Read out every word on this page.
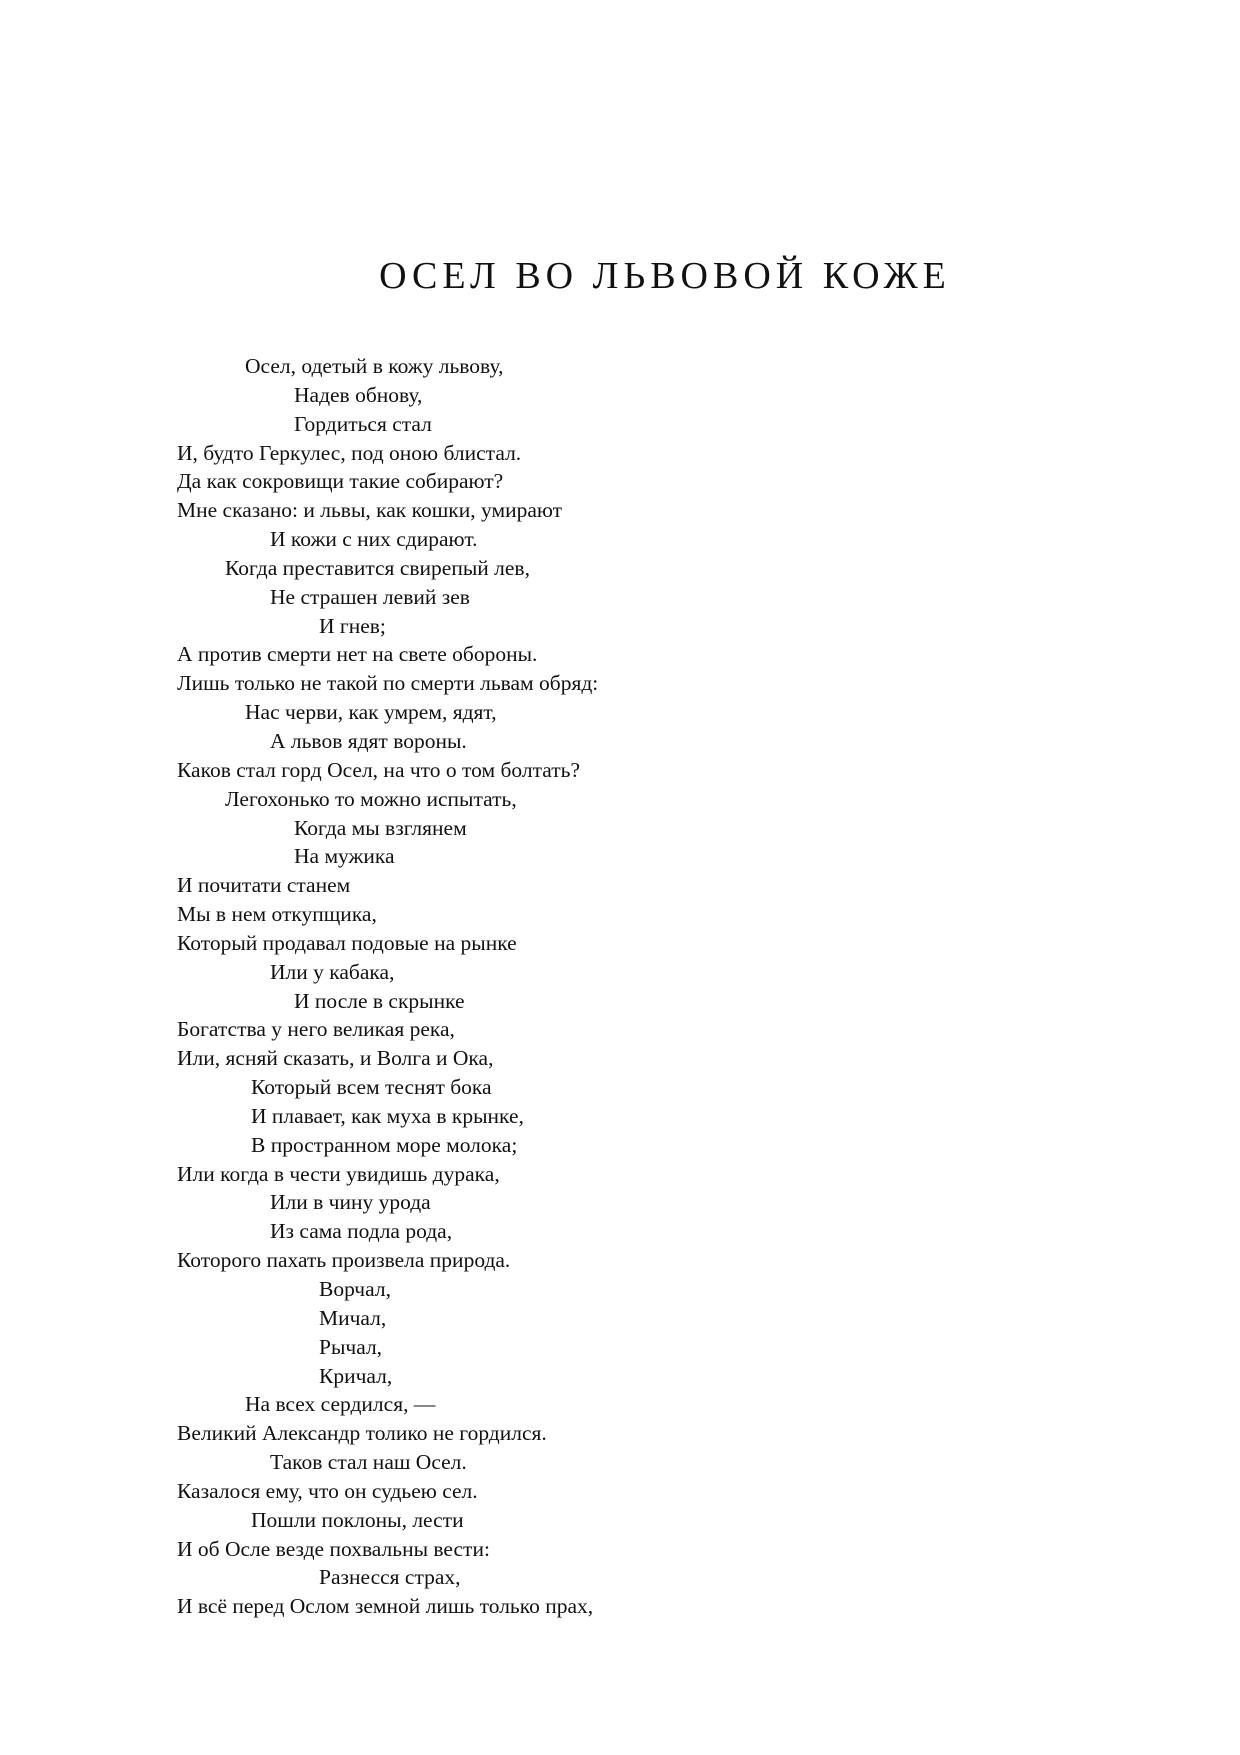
ОСЕЛ ВО ЛЬВОВОЙ КОЖЕ
Осел, одетый в кожу львову,
Надев обнову,
Гордиться стал
И, будто Геркулес, под оною блистал.
Да как сокровищи такие собирают?
Мне сказано: и львы, как кошки, умирают
И кожи с них сдирают.
Когда преставится свирепый лев,
Не страшен левий зев
И гнев;
А против смерти нет на свете обороны.
Лишь только не такой по смерти львам обряд:
Нас черви, как умрем, ядят,
А львов ядят вороны.
Каков стал горд Осел, на что о том болтать?
Легохонько то можно испытать,
Когда мы взглянем
На мужика
И почитати станем
Мы в нем откупщика,
Который продавал подовые на рынке
Или у кабака,
И после в скрынке
Богатства у него великая река,
Или, ясняй сказать, и Волга и Ока,
Который всем теснят бока
И плавает, как муха в крынке,
В пространном море молока;
Или когда в чести увидишь дурака,
Или в чину урода
Из сама подла рода,
Которого пахать произвела природа.
Ворчал,
Мичал,
Рычал,
Кричал,
На всех сердился, —
Великий Александр толико не гордился.
Таков стал наш Осел.
Казалося ему, что он судьею сел.
Пошли поклоны, лести
И об Осле везде похвальны вести:
Разнесся страх,
И всё перед Ослом земной лишь только прах,
